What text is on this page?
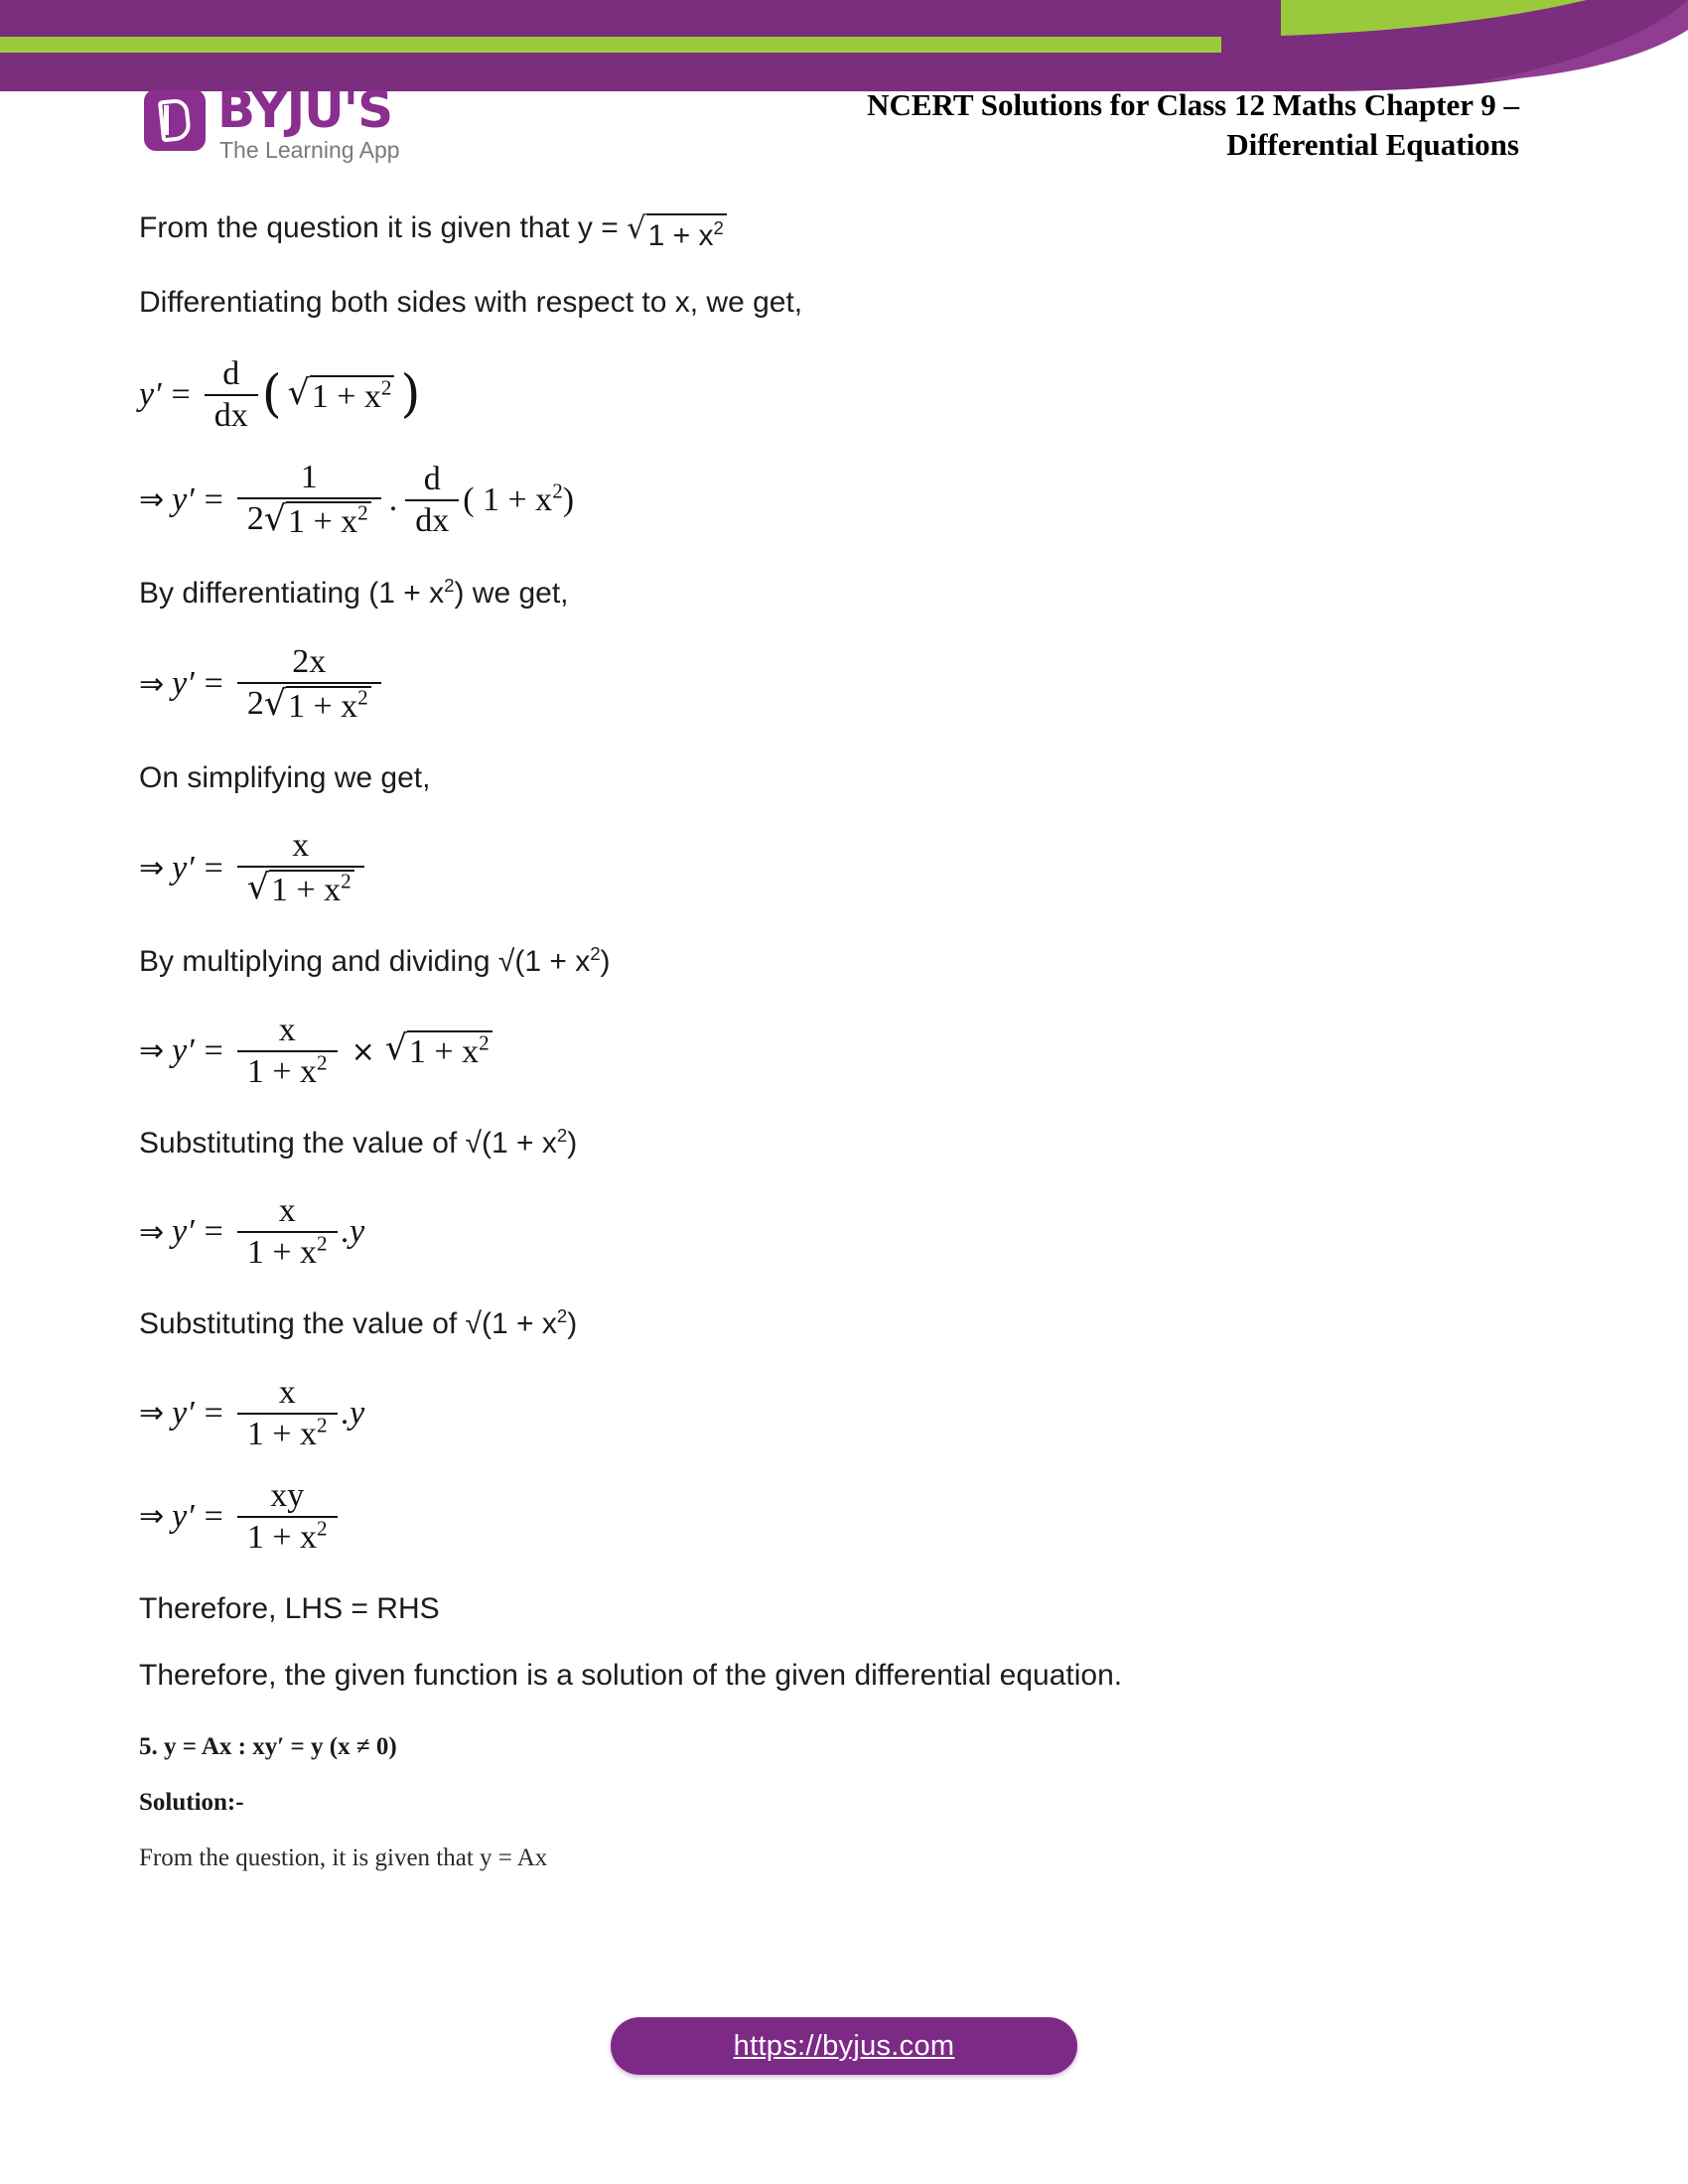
BYJU'S
The Learning App
NCERT Solutions for Class 12 Maths Chapter 9 –
Differential Equations

From the question it is given that y = √ $1 + x^2$

Differentiating both sides with respect to x, we get,

$y' = \frac{d}{dx}$ ( √ $1 + x^2$ )
⇒ $y' = \frac{1}{2 √ 1 + x^2}$ . $\frac{d}{dx}$ ( $1 + x^2$)

By differentiating $(1 + x^2)$ we get,

⇒ $y' = \frac{2x}{2 √ 1 + x^2}$

On simplifying we get,

⇒ $y' = \frac{x}{√ 1 + x^2}$

By multiplying and dividing $√(1 + x^2)$

⇒ $y' = \frac{x}{1 + x^2}$ × √ $1 + x^2$

Substituting the value of $√(1 + x^2)$

⇒ $y' = \frac{x}{1 + x^2} .y$

Substituting the value of $√(1 + x^2)$

⇒ $y' = \frac{x}{1 + x^2} .y$
⇒ $y' = \frac{xy}{1 + x^2}$

Therefore, LHS = RHS

Therefore, the given function is a solution of the given differential equation.

5. y = Ax : xy′ = y (x ≠ 0)

Solution:-

From the question, it is given that y = Ax

https://byjus.com
